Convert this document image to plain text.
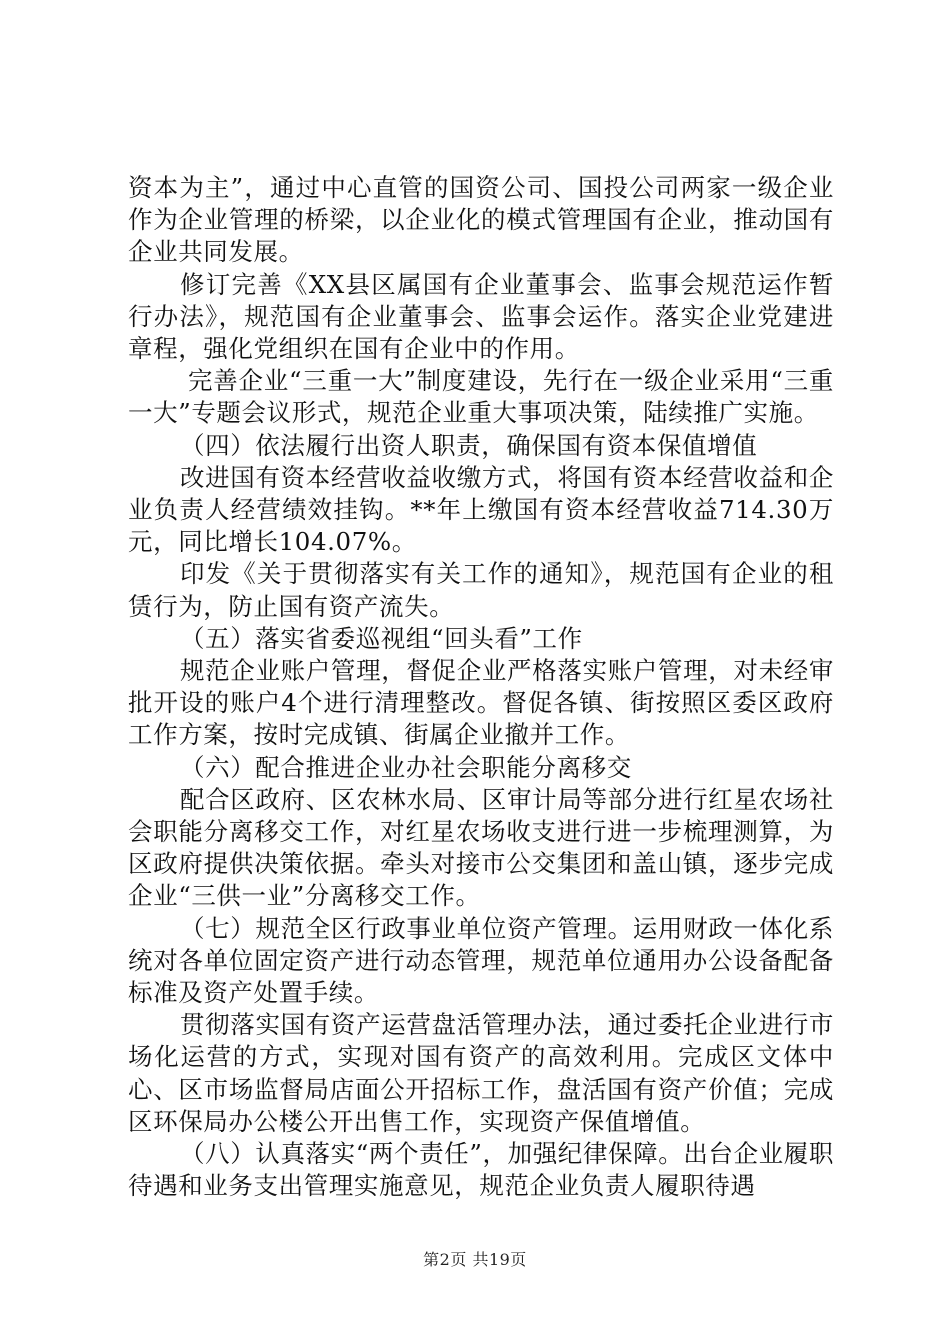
资本为主”，通过中心直管的国资公司、国投公司两家一级企业作为企业管理的桥梁，以企业化的模式管理国有企业，推动国有企业共同发展。

修订完善《XX县区属国有企业董事会、监事会规范运作暂行办法》，规范国有企业董事会、监事会运作。落实企业党建进章程，强化党组织在国有企业中的作用。

完善企业“三重一大”制度建设，先行在一级企业采用“三重一大”专题会议形式，规范企业重大事项决策，陆续推广实施。

（四）依法履行出资人职责，确保国有资本保值增值

改进国有资本经营收益收缴方式，将国有资本经营收益和企业负责人经营绩效挂钩。**年上缴国有资本经营收益714.30万元，同比增长104.07%。

印发《关于贯彻落实有关工作的通知》，规范国有企业的租赁行为，防止国有资产流失。

（五）落实省委巡视组“回头看”工作

规范企业账户管理，督促企业严格落实账户管理，对未经审批开设的账户4个进行清理整改。督促各镇、街按照区委区政府工作方案，按时完成镇、街属企业撤并工作。

（六）配合推进企业办社会职能分离移交

配合区政府、区农林水局、区审计局等部分进行红星农场社会职能分离移交工作，对红星农场收支进行进一步梳理测算，为区政府提供决策依据。牵头对接市公交集团和盖山镇，逐步完成企业“三供一业”分离移交工作。

（七）规范全区行政事业单位资产管理。运用财政一体化系统对各单位固定资产进行动态管理，规范单位通用办公设备配备标准及资产处置手续。

贯彻落实国有资产运营盘活管理办法，通过委托企业进行市场化运营的方式，实现对国有资产的高效利用。完成区文体中心、区市场监督局店面公开招标工作，盘活国有资产价值；完成区环保局办公楼公开出售工作，实现资产保值增值。

（八）认真落实“两个责任”，加强纪律保障。出台企业履职待遇和业务支出管理实施意见，规范企业负责人履职待遇

第2页 共19页
